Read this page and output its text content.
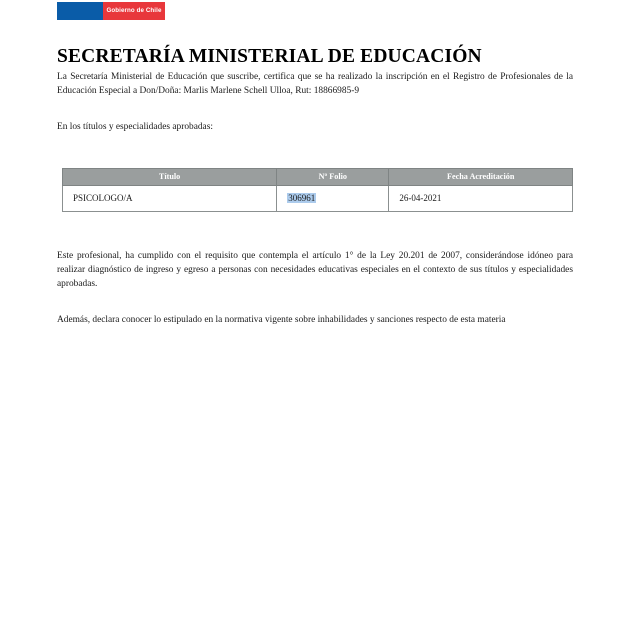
Gobierno de Chile
SECRETARÍA MINISTERIAL DE EDUCACIÓN

La Secretaría Ministerial de Educación que suscribe, certifica que se ha realizado la inscripción en el Registro de Profesionales de la Educación Especial a Don/Doña: Marlis Marlene Schell Ulloa, Rut: 18866985-9

En los títulos y especialidades aprobadas:

Título	Nº Folio	Fecha Acreditación
PSICOLOGO/A	306961	26-04-2021

Este profesional, ha cumplido con el requisito que contempla el artículo 1° de la Ley 20.201 de 2007, considerándose idóneo para realizar diagnóstico de ingreso y egreso a personas con necesidades educativas especiales en el contexto de sus títulos y especialidades aprobadas.

Además, declara conocer lo estipulado en la normativa vigente sobre inhabilidades y sanciones respecto de esta materia
